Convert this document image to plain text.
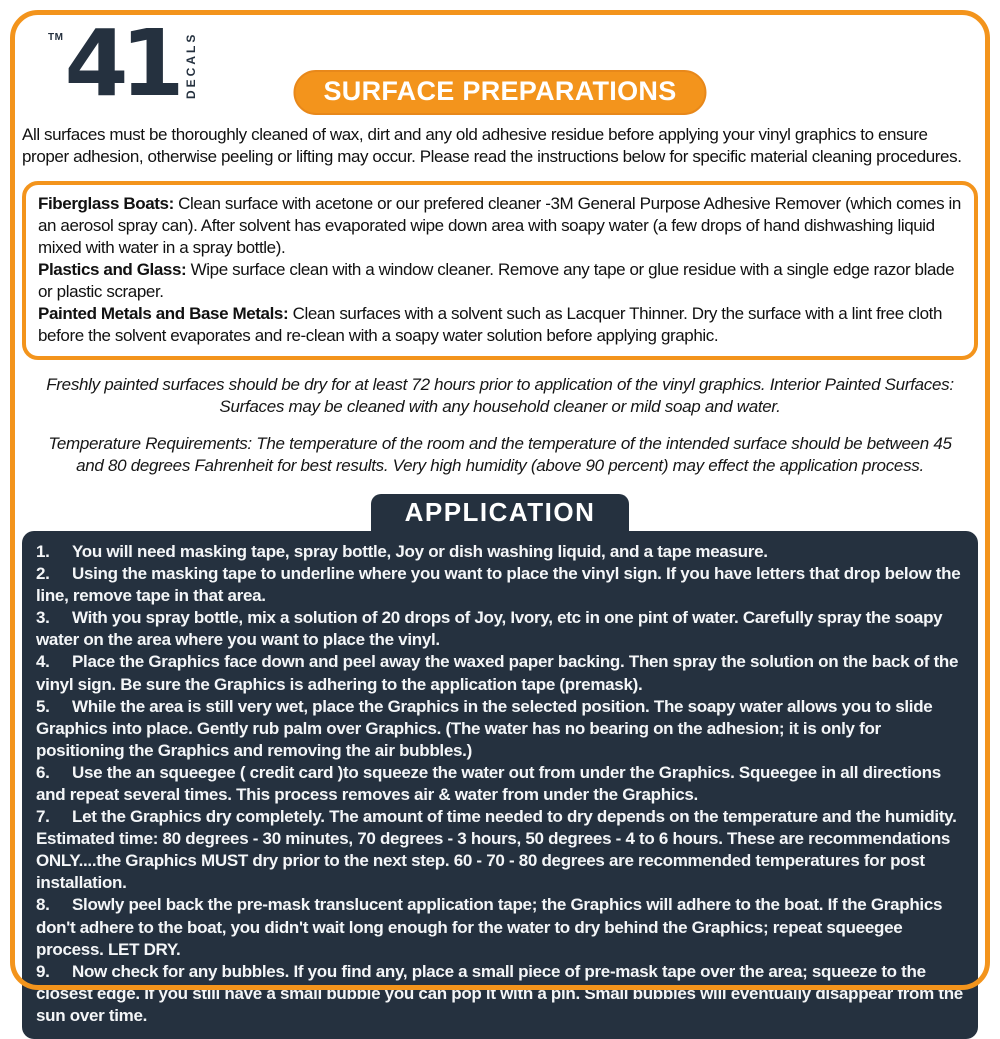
TM 41 DECALS	SURFACE PREPARATIONS

All surfaces must be thoroughly cleaned of wax, dirt and any old adhesive residue before applying your vinyl graphics to ensure proper adhesion, otherwise peeling or lifting may occur. Please read the instructions below for specific material cleaning procedures.

Fiberglass Boats: Clean surface with acetone or our prefered cleaner -3M General Purpose Adhesive Remover (which comes in an aerosol spray can). After solvent has evaporated wipe down area with soapy water (a few drops of hand dishwashing liquid mixed with water in a spray bottle).

Plastics and Glass: Wipe surface clean with a window cleaner. Remove any tape or glue residue with a single edge razor blade or plastic scraper.

Painted Metals and Base Metals: Clean surfaces with a solvent such as Lacquer Thinner. Dry the surface with a lint free cloth before the solvent evaporates and re-clean with a soapy water solution before applying graphic.

Freshly painted surfaces should be dry for at least 72 hours prior to application of the vinyl graphics. Interior Painted Surfaces: Surfaces may be cleaned with any household cleaner or mild soap and water.

Temperature Requirements: The temperature of the room and the temperature of the intended surface should be between 45 and 80 degrees Fahrenheit for best results. Very high humidity (above 90 percent) may effect the application process.

APPLICATION

1. You will need masking tape, spray bottle, Joy or dish washing liquid, and a tape measure.

2. Using the masking tape to underline where you want to place the vinyl sign. If you have letters that drop below the line, remove tape in that area.

3. With you spray bottle, mix a solution of 20 drops of Joy, Ivory, etc in one pint of water. Carefully spray the soapy water on the area where you want to place the vinyl.

4. Place the Graphics face down and peel away the waxed paper backing. Then spray the solution on the back of the vinyl sign. Be sure the Graphics is adhering to the application tape (premask).

5. While the area is still very wet, place the Graphics in the selected position. The soapy water allows you to slide Graphics into place. Gently rub palm over Graphics. (The water has no bearing on the adhesion; it is only for positioning the Graphics and removing the air bubbles.)

6. Use the an squeegee ( credit card )to squeeze the water out from under the Graphics. Squeegee in all directions and repeat several times. This process removes air & water from under the Graphics.

7. Let the Graphics dry completely. The amount of time needed to dry depends on the temperature and the humidity. Estimated time: 80 degrees - 30 minutes, 70 degrees - 3 hours, 50 degrees - 4 to 6 hours. These are recommendations ONLY....the Graphics MUST dry prior to the next step. 60 - 70 - 80 degrees are recommended temperatures for post installation.

8. Slowly peel back the pre-mask translucent application tape; the Graphics will adhere to the boat. If the Graphics don't adhere to the boat, you didn't wait long enough for the water to dry behind the Graphics; repeat squeegee process. LET DRY.

9. Now check for any bubbles. If you find any, place a small piece of pre-mask tape over the area; squeeze to the closest edge. If you still have a small bubble you can pop it with a pin. Small bubbles will eventually disappear from the sun over time.
